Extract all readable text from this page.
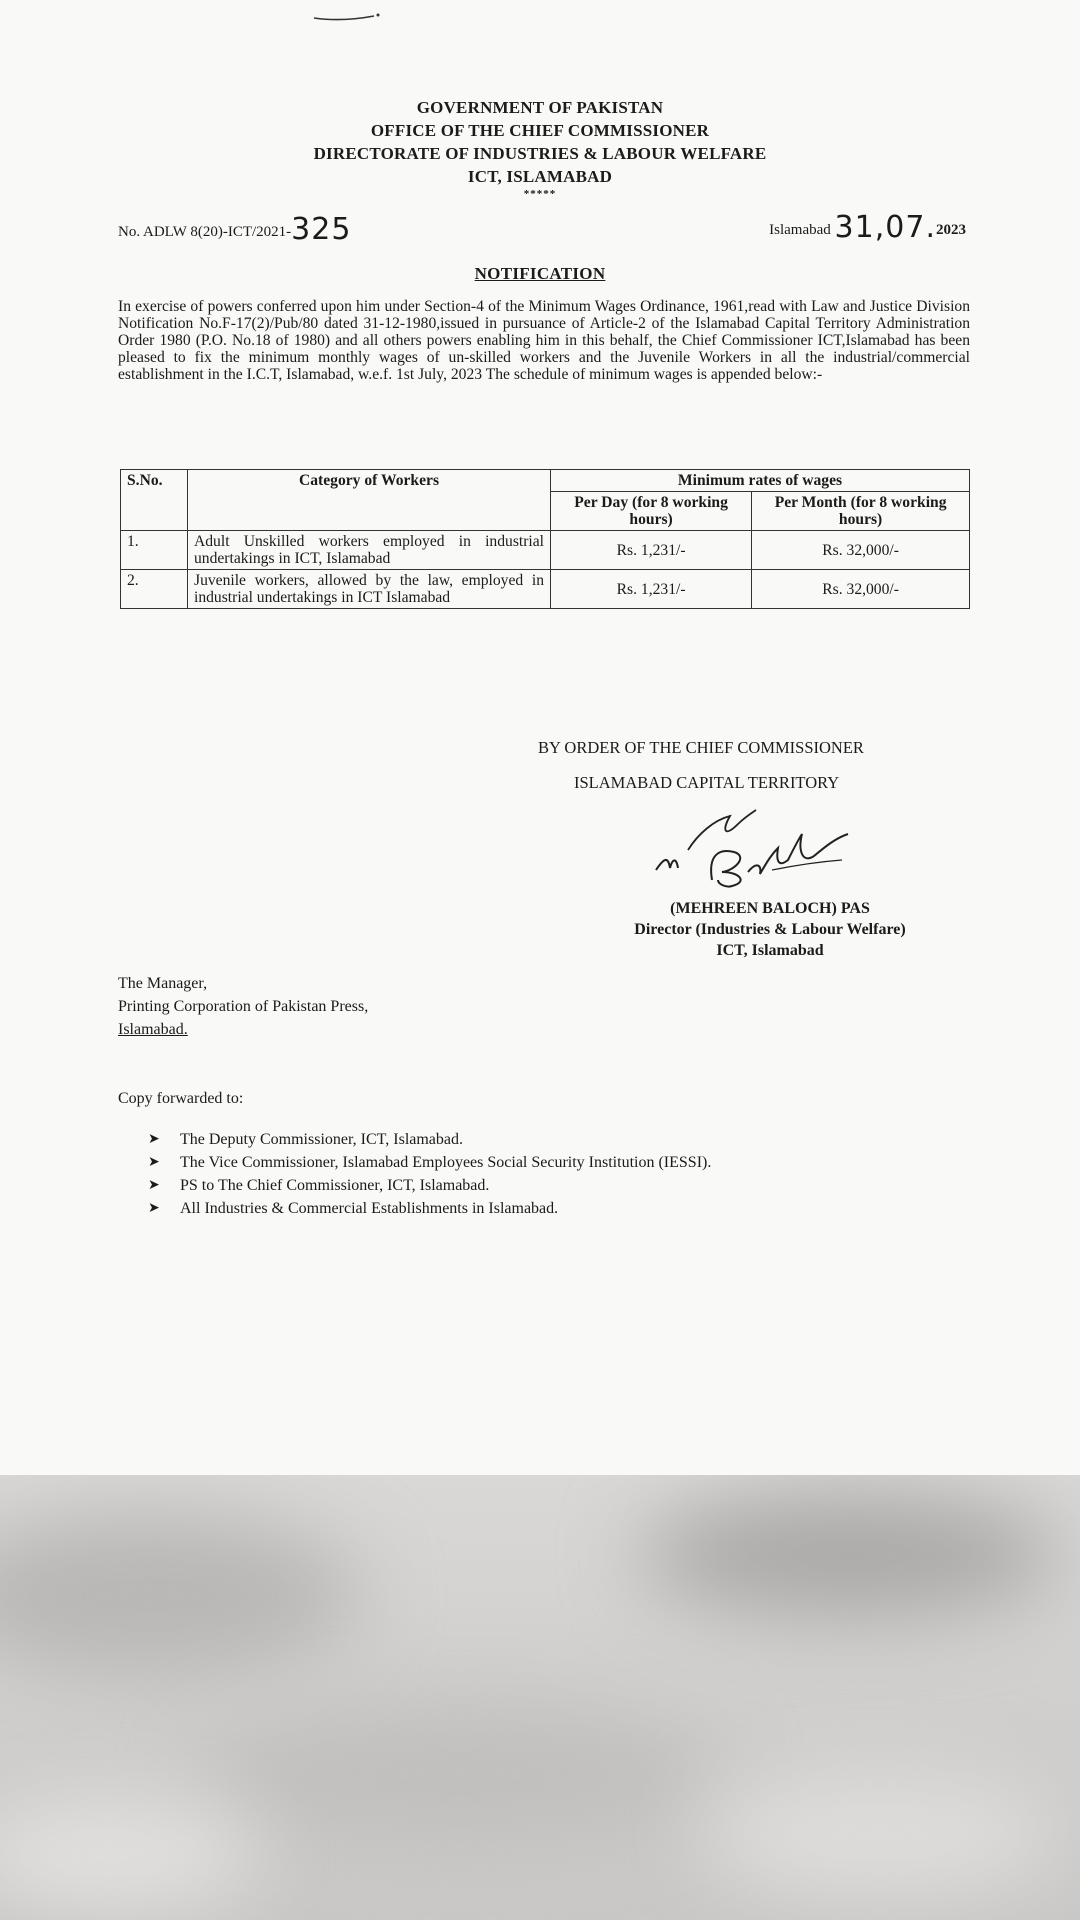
GOVERNMENT OF PAKISTAN
OFFICE OF THE CHIEF COMMISSIONER
DIRECTORATE OF INDUSTRIES & LABOUR WELFARE
ICT, ISLAMABAD
*****
No. ADLW 8(20)-ICT/2021-325	Islamabad 31,07.2023
NOTIFICATION
In exercise of powers conferred upon him under Section-4 of the Minimum Wages Ordinance, 1961,read with Law and Justice Division Notification No.F-17(2)/Pub/80 dated 31-12-1980,issued in pursuance of Article-2 of the Islamabad Capital Territory Administration Order 1980 (P.O. No.18 of 1980) and all others powers enabling him in this behalf, the Chief Commissioner ICT,Islamabad has been pleased to fix the minimum monthly wages of un-skilled workers and the Juvenile Workers in all the industrial/commercial establishment in the I.C.T, Islamabad, w.e.f. 1st July, 2023 The schedule of minimum wages is appended below:-
S.No.	Category of Workers	Minimum rates of wages	
		Per Day (for 8 working hours)	Per Month (for 8 working hours)
1.	Adult Unskilled workers employed in industrial undertakings in ICT, Islamabad	Rs. 1,231/-	Rs. 32,000/-
2.	Juvenile workers, allowed by the law, employed in industrial undertakings in ICT Islamabad	Rs. 1,231/-	Rs. 32,000/-
BY ORDER OF THE CHIEF COMMISSIONER
ISLAMABAD CAPITAL TERRITORY
(MEHREEN BALOCH) PAS
Director (Industries & Labour Welfare)
ICT, Islamabad
The Manager,
Printing Corporation of Pakistan Press,
Islamabad.
Copy forwarded to:
➤	The Deputy Commissioner, ICT, Islamabad.
➤	The Vice Commissioner, Islamabad Employees Social Security Institution (IESSI).
➤	PS to The Chief Commissioner, ICT, Islamabad.
➤	All Industries & Commercial Establishments in Islamabad.
